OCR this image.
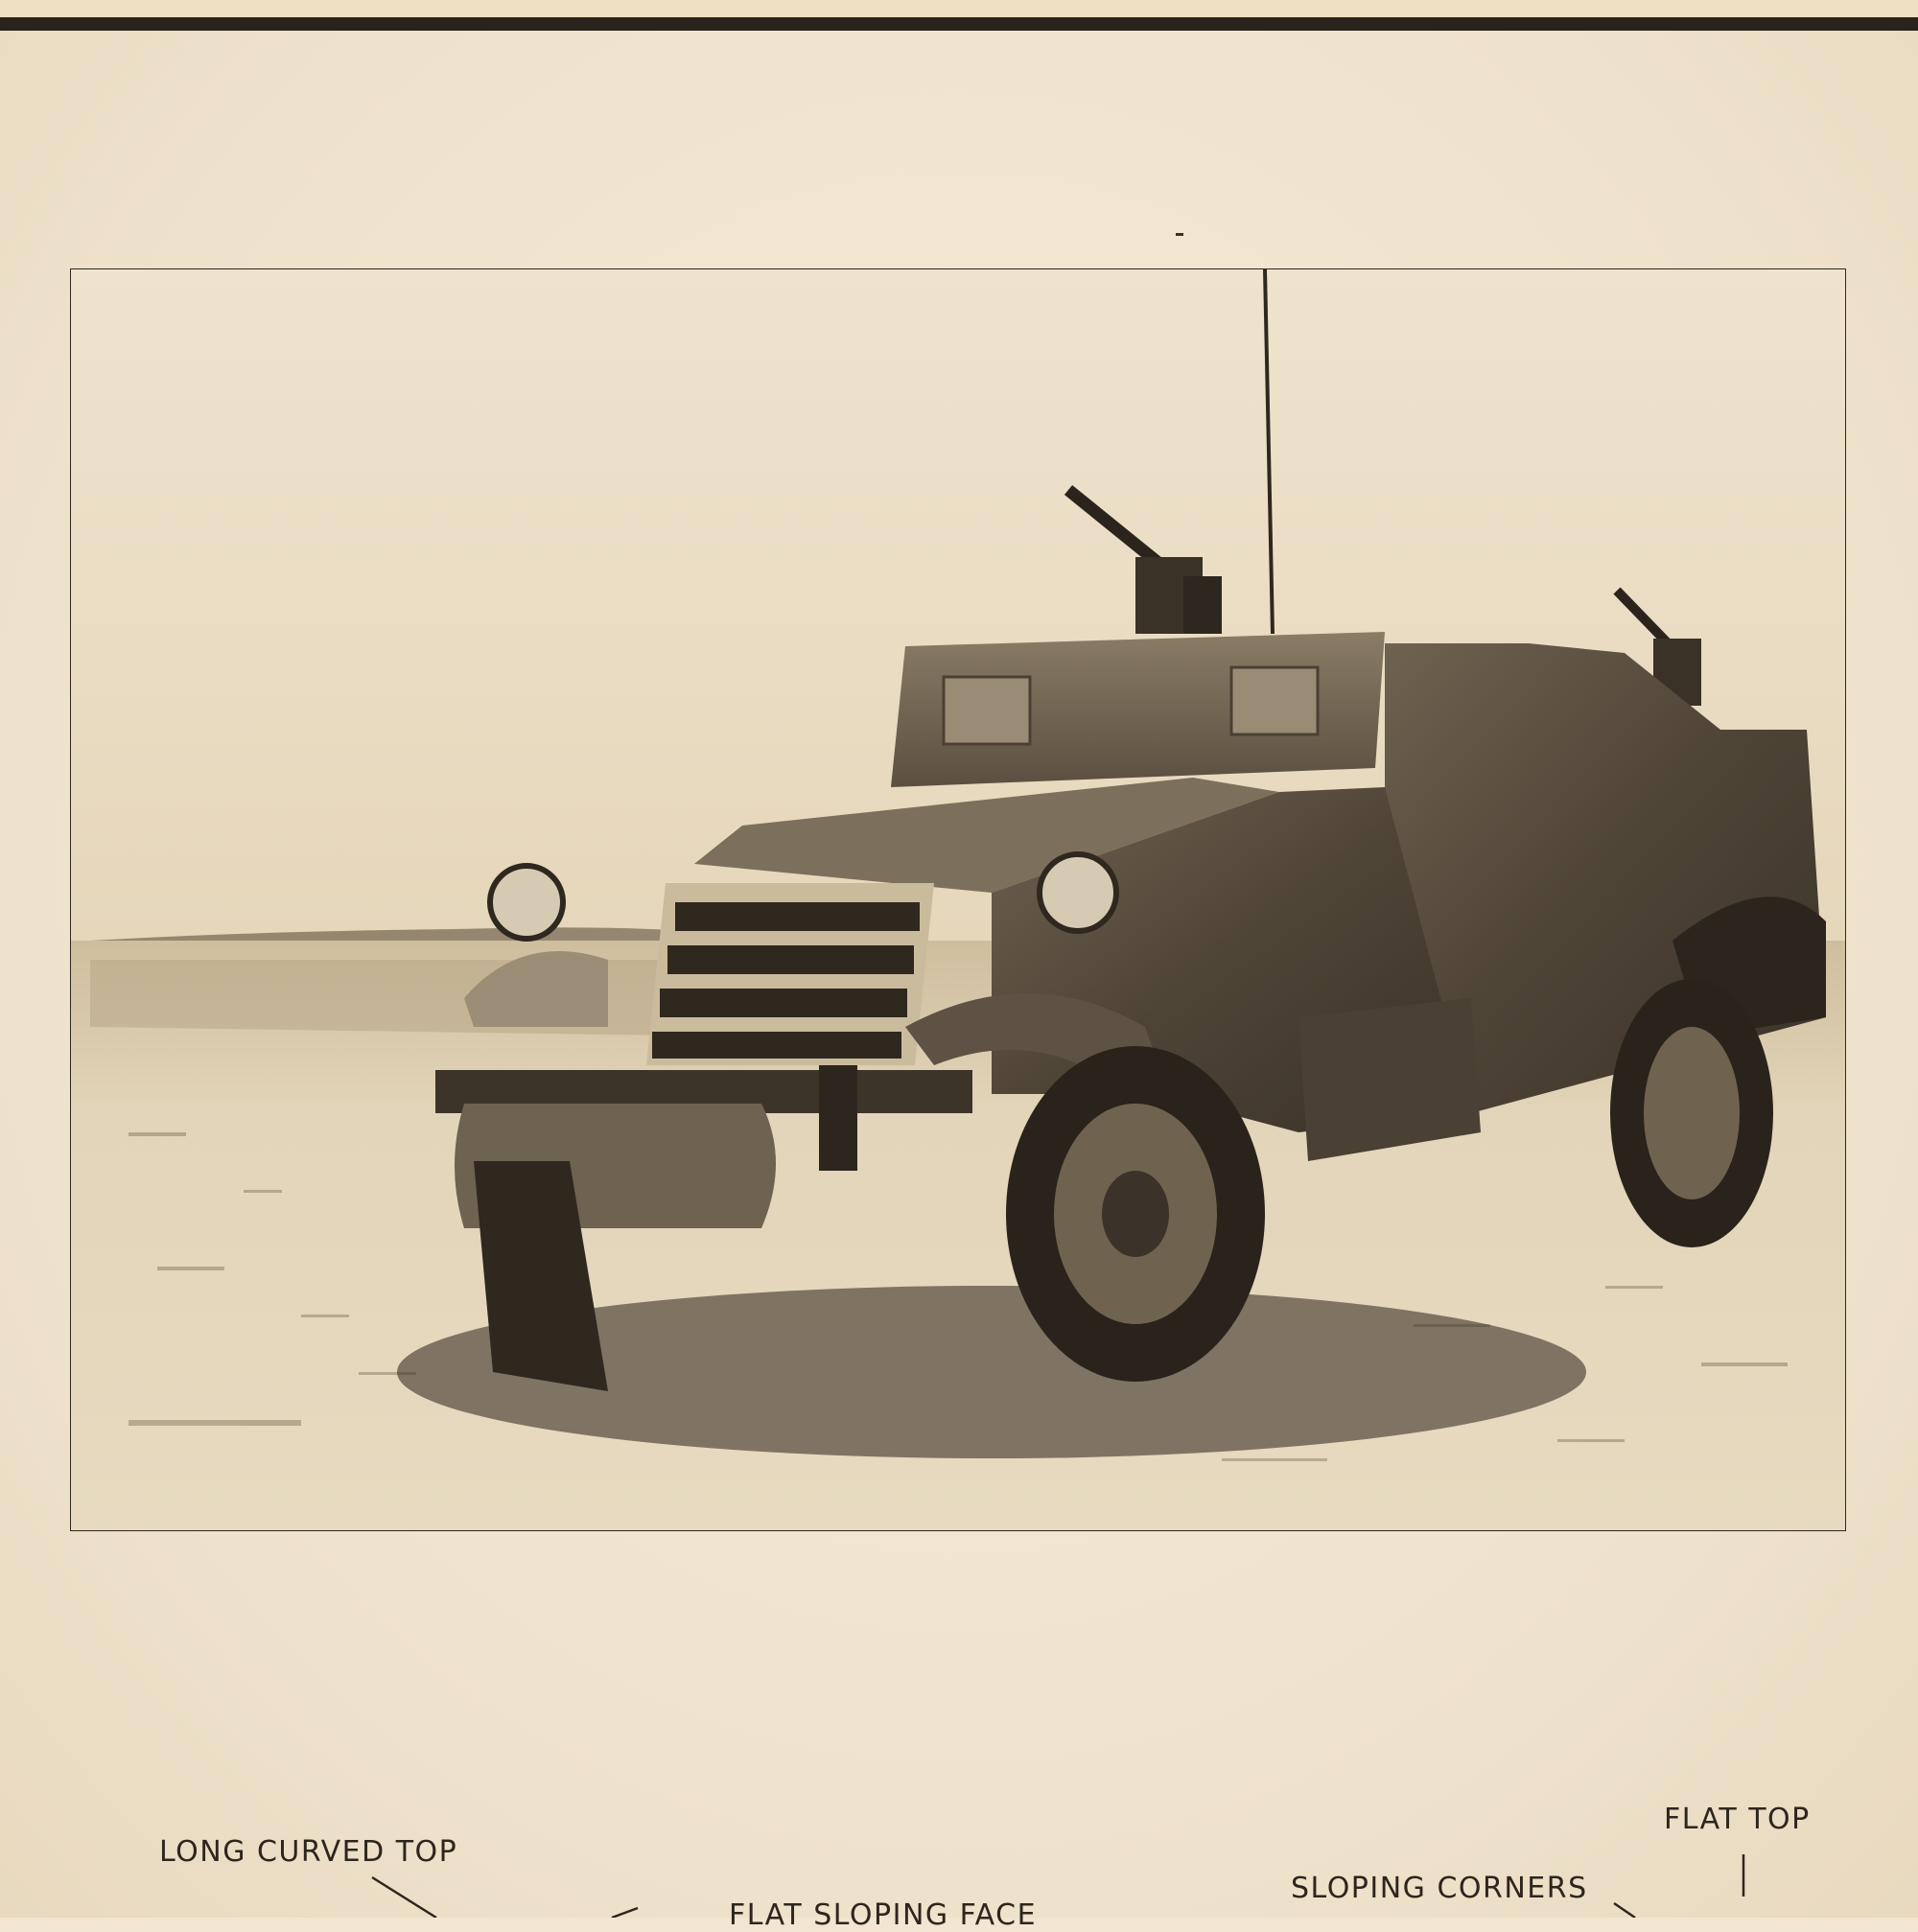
LONG CURVED TOP
FLAT SLOPING FACE
SLOPING CORNERS
FLAT TOP
